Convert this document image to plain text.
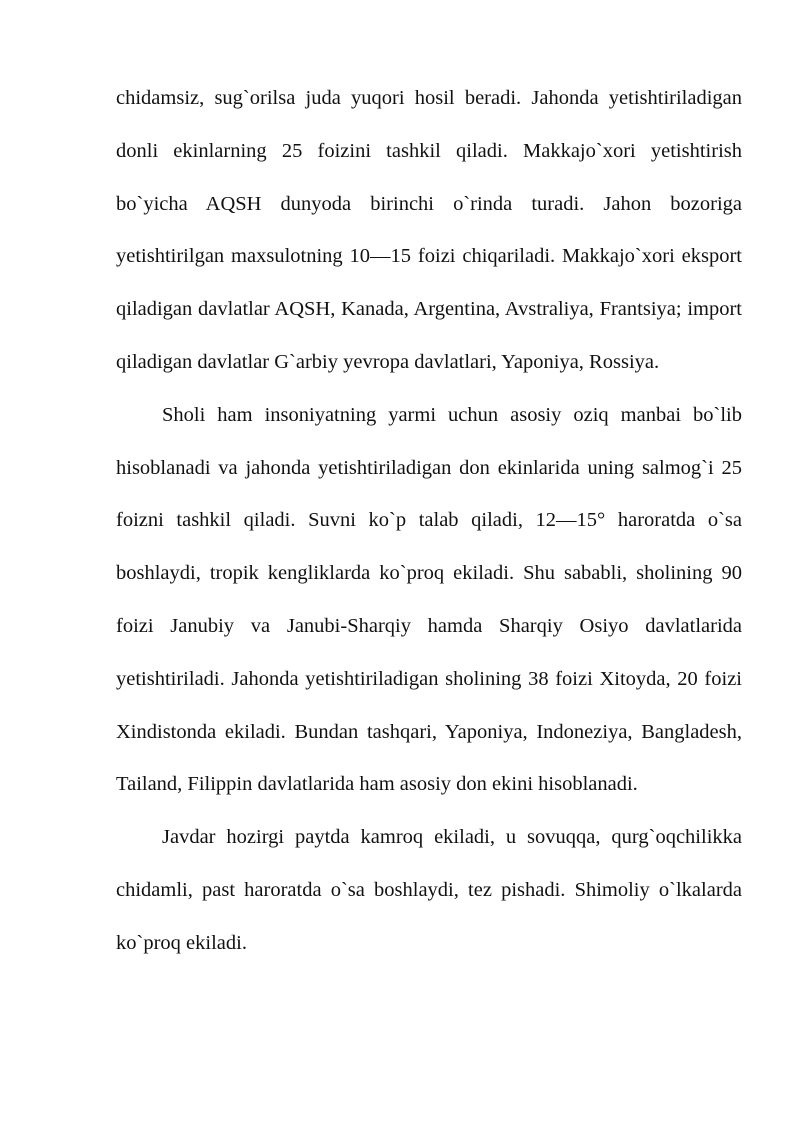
chidamsiz, sug`orilsa juda yuqori hosil beradi. Jahonda yetishtiriladigan donli ekinlarning 25 foizini tashkil qiladi. Makkajo`xori yetishtirish bo`yicha AQSH dunyoda birinchi o`rinda turadi. Jahon bozoriga yetishtirilgan maxsulotning 10—15 foizi chiqariladi. Makkajo`xori eksport qiladigan davlatlar AQSH, Kanada, Argentina, Avstraliya, Frantsiya; import qiladigan davlatlar G`arbiy yevropa davlatlari, Yaponiya, Rossiya.

Sholi ham insoniyatning yarmi uchun asosiy oziq manbai bo`lib hisoblanadi va jahonda yetishtiriladigan don ekinlarida uning salmog`i 25 foizni tashkil qiladi. Suvni ko`p talab qiladi, 12—15° haroratda o`sa boshlaydi, tropik kengliklarda ko`proq ekiladi. Shu sababli, sholining 90 foizi Janubiy va Janubi-Sharqiy hamda Sharqiy Osiyo davlatlarida yetishtiriladi. Jahonda yetishtiriladigan sholining 38 foizi Xitoyda, 20 foizi Xindistonda ekiladi. Bundan tashqari, Yaponiya, Indoneziya, Bangladesh, Tailand, Filippin davlatlarida ham asosiy don ekini hisoblanadi.

Javdar hozirgi paytda kamroq ekiladi, u sovuqqa, qurg`oqchilikka chidamli, past haroratda o`sa boshlaydi, tez pishadi. Shimoliy o`lkalarda ko`proq ekiladi.
